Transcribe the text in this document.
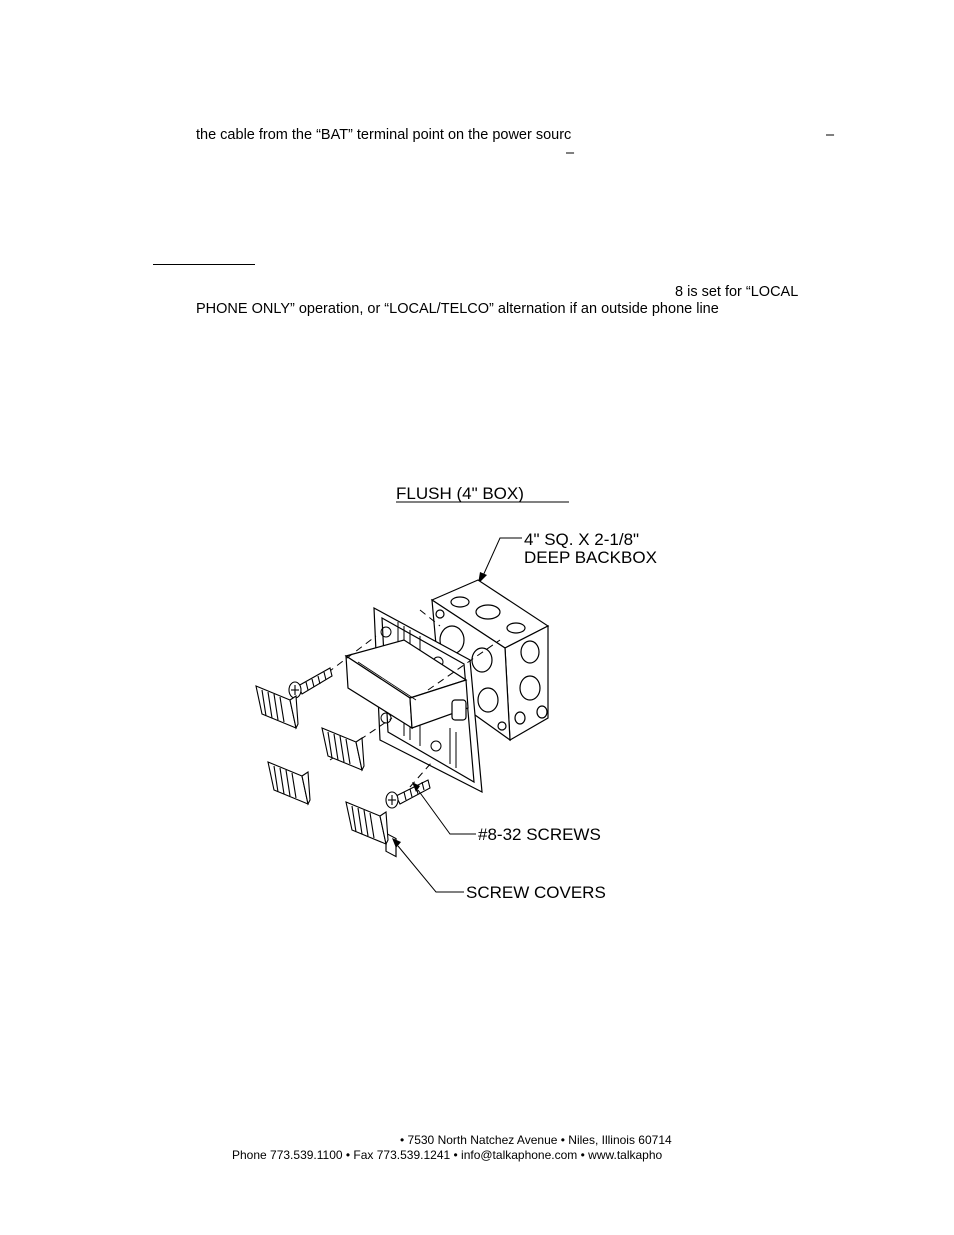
the cable from the “BAT” terminal point on the power sourc	–
–
8 is set for “LOCAL
PHONE ONLY” operation, or “LOCAL/TELCO” alternation if an outside phone line
FLUSH (4" BOX)
4" SQ. X 2-1/8"
DEEP BACKBOX
#8-32 SCREWS
SCREW COVERS
• 7530 North Natchez Avenue • Niles, Illinois 60714
Phone 773.539.1100 • Fax 773.539.1241 • info@talkaphone.com • www.talkapho
